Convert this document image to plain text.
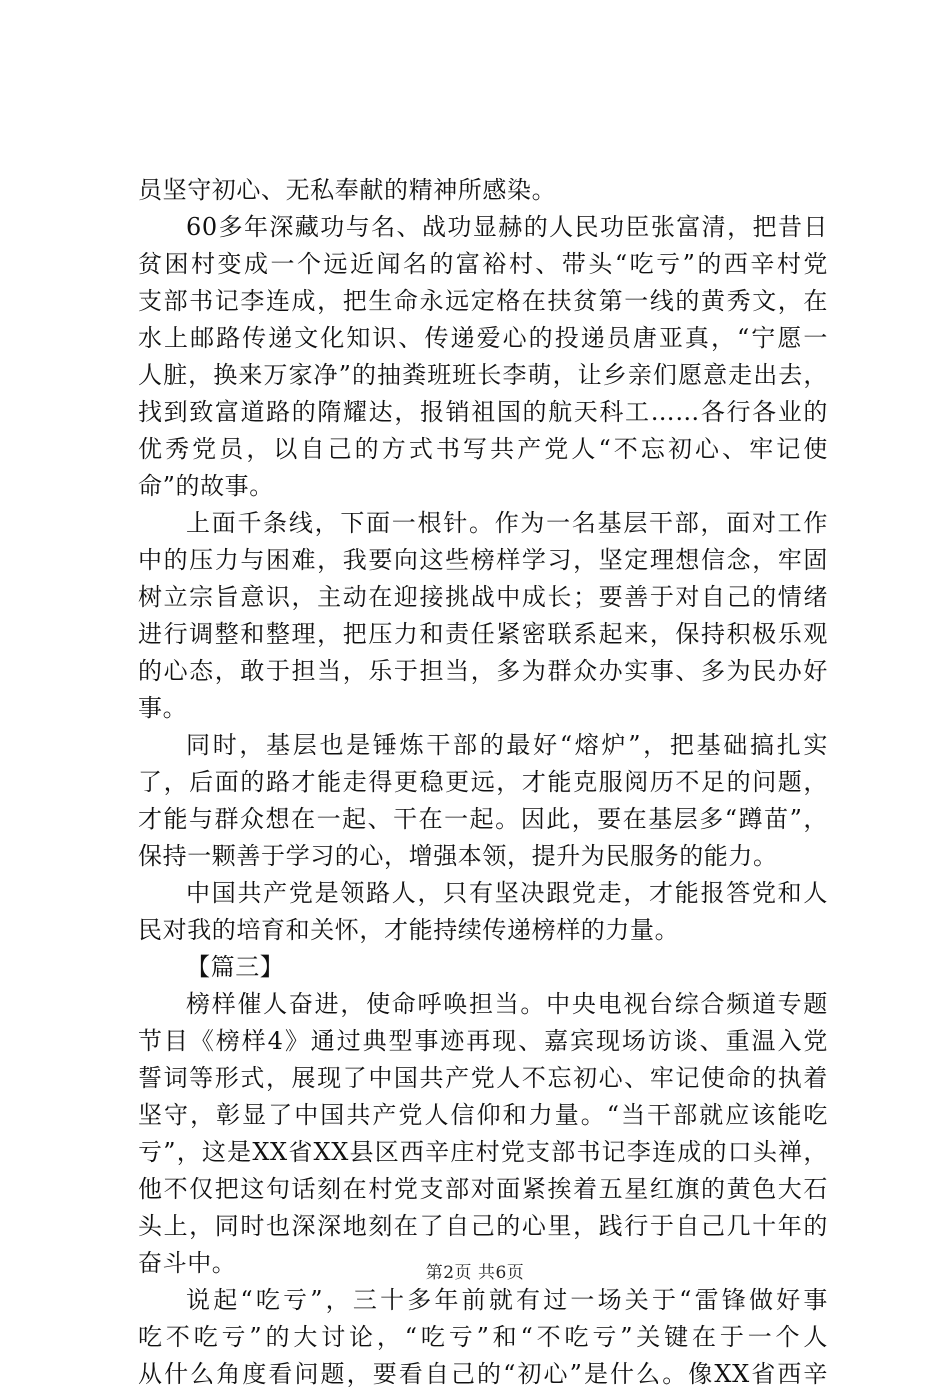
员坚守初心、无私奉献的精神所感染。
60多年深藏功与名、战功显赫的人民功臣张富清，把昔日
贫困村变成一个远近闻名的富裕村、带头“吃亏”的西辛村党
支部书记李连成，把生命永远定格在扶贫第一线的黄秀文，在
水上邮路传递文化知识、传递爱心的投递员唐亚真，“宁愿一
人脏，换来万家净”的抽粪班班长李萌，让乡亲们愿意走出去，
找到致富道路的隋耀达，报销祖国的航天科工……各行各业的
优秀党员，以自己的方式书写共产党人“不忘初心、牢记使
命”的故事。
上面千条线，下面一根针。作为一名基层干部，面对工作
中的压力与困难，我要向这些榜样学习，坚定理想信念，牢固
树立宗旨意识，主动在迎接挑战中成长；要善于对自己的情绪
进行调整和整理，把压力和责任紧密联系起来，保持积极乐观
的心态，敢于担当，乐于担当，多为群众办实事、多为民办好
事。
同时，基层也是锤炼干部的最好“熔炉”，把基础搞扎实
了，后面的路才能走得更稳更远，才能克服阅历不足的问题，
才能与群众想在一起、干在一起。因此，要在基层多“蹲苗”，
保持一颗善于学习的心，增强本领，提升为民服务的能力。
中国共产党是领路人，只有坚决跟党走，才能报答党和人
民对我的培育和关怀，才能持续传递榜样的力量。
【篇三】
榜样催人奋进，使命呼唤担当。中央电视台综合频道专题
节目《榜样4》通过典型事迹再现、嘉宾现场访谈、重温入党
誓词等形式，展现了中国共产党人不忘初心、牢记使命的执着
坚守，彰显了中国共产党人信仰和力量。“当干部就应该能吃
亏”，这是XX省XX县区西辛庄村党支部书记李连成的口头禅，
他不仅把这句话刻在村党支部对面紧挨着五星红旗的黄色大石
头上，同时也深深地刻在了自己的心里，践行于自己几十年的
奋斗中。
说起“吃亏”，三十多年前就有过一场关于“雷锋做好事
吃不吃亏”的大讨论，“吃亏”和“不吃亏”关键在于一个人
从什么角度看问题，要看自己的“初心”是什么。像XX省西辛
第2页 共6页
